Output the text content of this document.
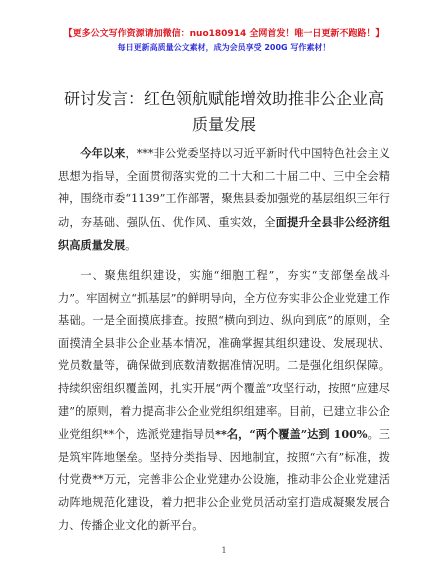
【更多公文写作资源请加微信：nuo180914 全网首发！唯一日更新不跑路！】
每日更新高质量公文素材，成为会员享受 200G 写作素材！
研讨发言：红色领航赋能增效助推非公企业高
质量发展

今年以来，***非公党委坚持以习近平新时代中国特色社会主义思想为指导，全面贯彻落实党的二十大和二十届二中、三中全会精神，围绕市委“1139”工作部署，聚焦县委加强党的基层组织三年行动，夯基础、强队伍、优作风、重实效，全面提升全县非公经济组织高质量发展。

一、聚焦组织建设，实施“细胞工程”，夯实“支部堡垒战斗力”。牢固树立“抓基层”的鲜明导向，全方位夯实非公企业党建工作基础。一是全面摸底排查。按照“横向到边、纵向到底”的原则，全面摸清全县非公企业基本情况，准确掌握其组织建设、发展现状、党员数量等，确保做到底数清数据准情况明。二是强化组织保障。持续织密组织覆盖网，扎实开展“两个覆盖”攻坚行动，按照“应建尽建”的原则，着力提高非公企业党组织组建率。目前，已建立非公企业党组织**个，选派党建指导员**名，“两个覆盖”达到 100%。三是筑牢阵地堡垒。坚持分类指导、因地制宜，按照“六有”标准，拨付党费**万元，完善非公企业党建办公设施，推动非公企业党建活动阵地规范化建设，着力把非公企业党员活动室打造成凝聚发展合力、传播企业文化的新平台。

1
